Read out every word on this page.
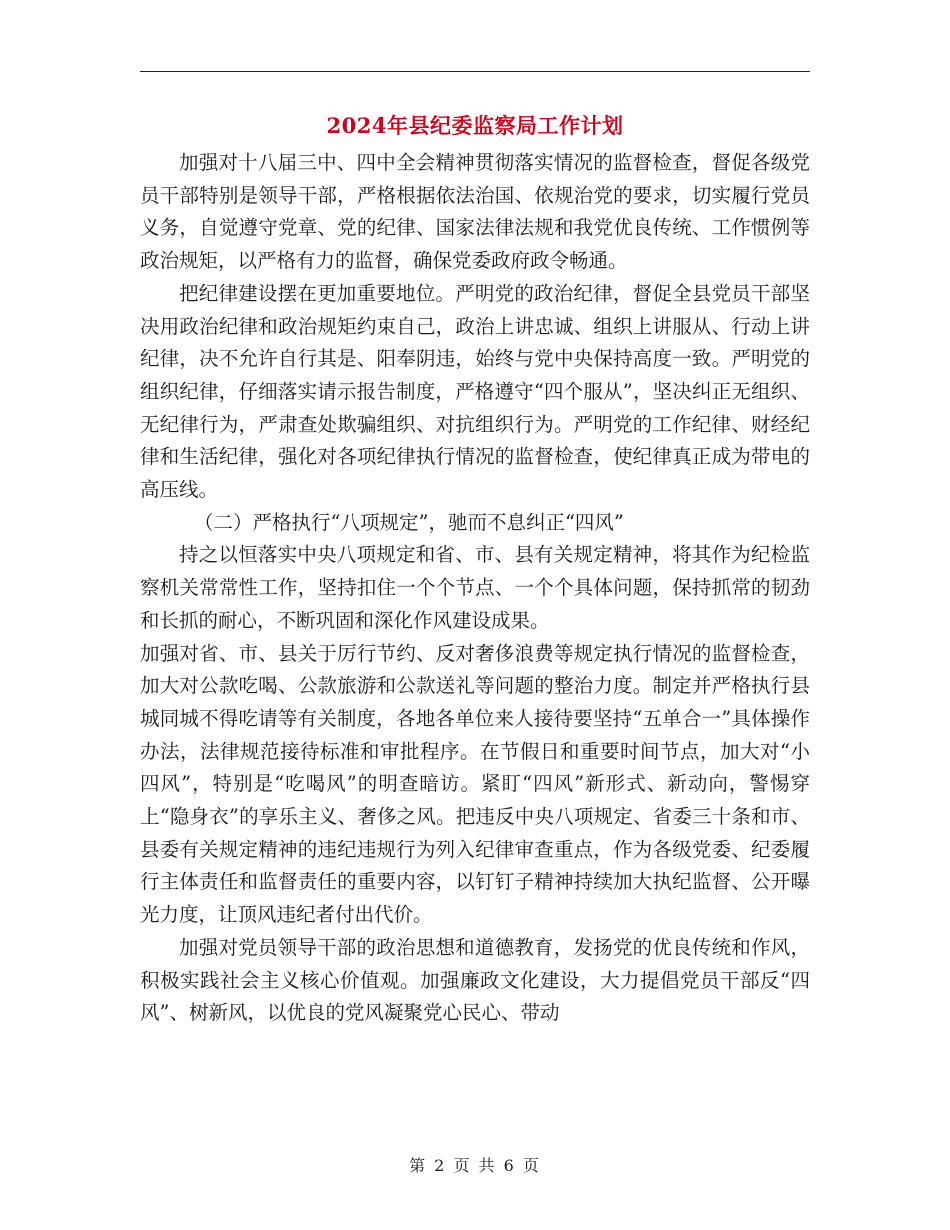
2024年县纪委监察局工作计划

加强对十八届三中、四中全会精神贯彻落实情况的监督检查，督促各级党员干部特别是领导干部，严格根据依法治国、依规治党的要求，切实履行党员义务，自觉遵守党章、党的纪律、国家法律法规和我党优良传统、工作惯例等政治规矩，以严格有力的监督，确保党委政府政令畅通。

把纪律建设摆在更加重要地位。严明党的政治纪律，督促全县党员干部坚决用政治纪律和政治规矩约束自己，政治上讲忠诚、组织上讲服从、行动上讲纪律，决不允许自行其是、阳奉阴违，始终与党中央保持高度一致。严明党的组织纪律，仔细落实请示报告制度，严格遵守“四个服从”，坚决纠正无组织、无纪律行为，严肃查处欺骗组织、对抗组织行为。严明党的工作纪律、财经纪律和生活纪律，强化对各项纪律执行情况的监督检查，使纪律真正成为带电的高压线。

（二）严格执行“八项规定”，驰而不息纠正“四风”

持之以恒落实中央八项规定和省、市、县有关规定精神，将其作为纪检监察机关常常性工作，坚持扣住一个个节点、一个个具体问题，保持抓常的韧劲和长抓的耐心，不断巩固和深化作风建设成果。

加强对省、市、县关于厉行节约、反对奢侈浪费等规定执行情况的监督检查，加大对公款吃喝、公款旅游和公款送礼等问题的整治力度。制定并严格执行县城同城不得吃请等有关制度，各地各单位来人接待要坚持“五单合一”具体操作办法，法律规范接待标准和审批程序。在节假日和重要时间节点，加大对“小四风”，特别是“吃喝风”的明查暗访。紧盯“四风”新形式、新动向，警惕穿上“隐身衣”的享乐主义、奢侈之风。把违反中央八项规定、省委三十条和市、县委有关规定精神的违纪违规行为列入纪律审查重点，作为各级党委、纪委履行主体责任和监督责任的重要内容，以钉钉子精神持续加大执纪监督、公开曝光力度，让顶风违纪者付出代价。

加强对党员领导干部的政治思想和道德教育，发扬党的优良传统和作风，积极实践社会主义核心价值观。加强廉政文化建设，大力提倡党员干部反“四风”、树新风，以优良的党风凝聚党心民心、带动

第 2 页 共 6 页
